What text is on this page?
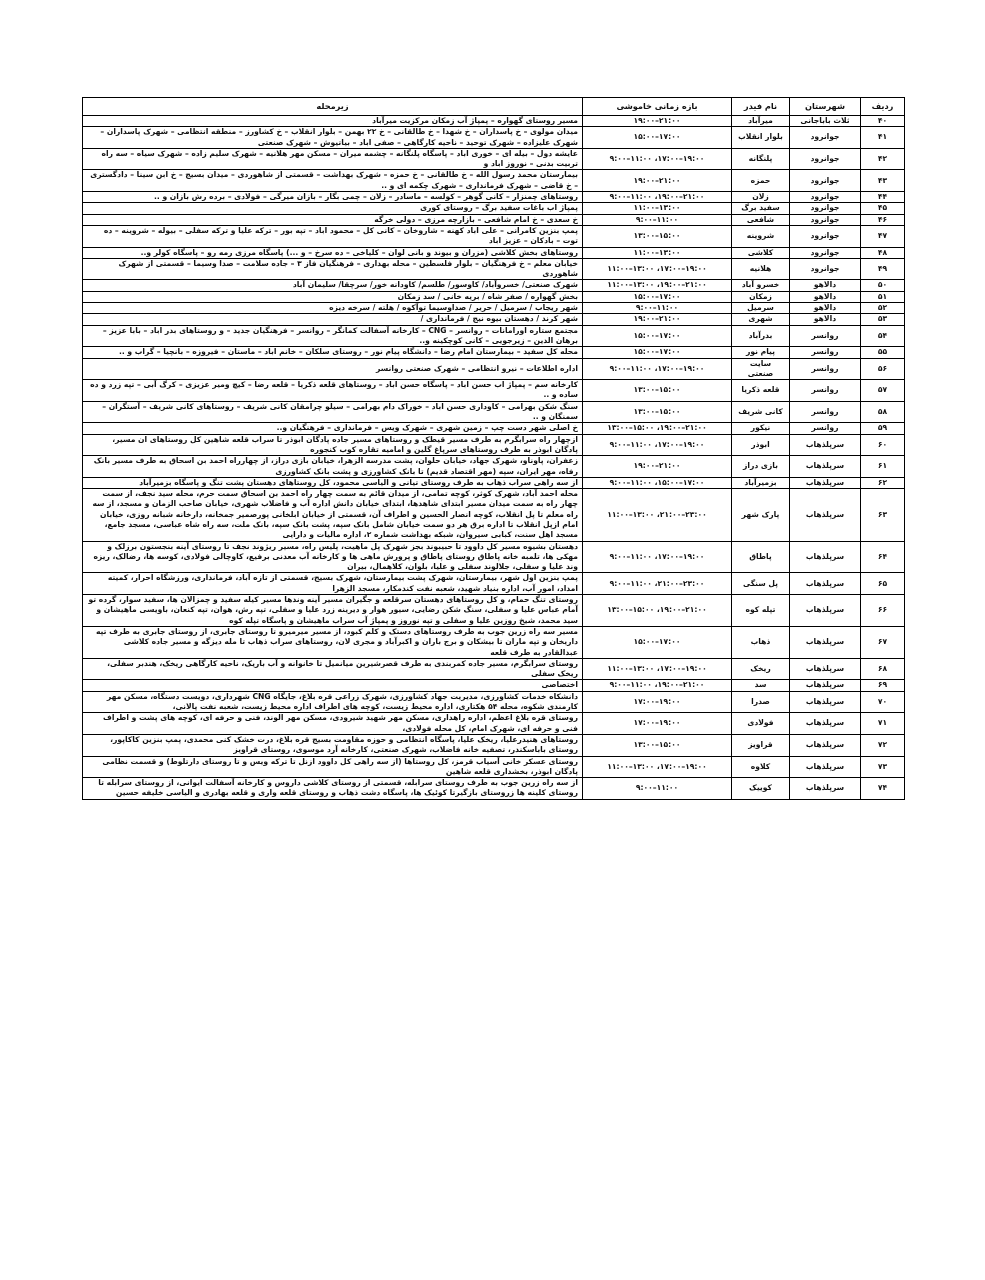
ردیف	شهرستان	نام فیدر	بازه زمانی خاموشی	زیرمحله
۴۰	ثلاث باباجانی	میرآباد	۲۱:۰۰–۱۹:۰۰	مسیر روستای گهواره – پمپاژ آب زمکان مرکزیت میرآباد
۴۱	جوانرود	بلوار انقلاب	۱۷:۰۰–۱۵:۰۰	میدان مولوی – خ پاسداران – خ شهدا – خ طالقانی – خ ۲۲ بهمن – بلوار انقلاب – خ کشاورز – منطقه انتظامی – شهرک پاسداران – شهرک علیزاده – شهرک توحید – ناحیه کارگاهی – صفی اباد – بیاتیوش – شهرک صنعتی
۴۲	جوانرود	پلنگانه	۱۹:۰۰–۱۷:۰۰، ۱۱:۰۰–۹:۰۰	عایشه دول – بیله ای – خوری اباد – پاسگاه پلنگانه – چشمه میران – مسکن مهر هلانیه – شهرک سلیم زاده – شهرک سیاه – سه راه تربیت بدنی – نوروز اباد و
۴۳	جوانرود	حمزه	۲۱:۰۰–۱۹:۰۰	بیمارستان محمد رسول الله – خ طالقانی – خ حمزه – شهرک بهداشت – قسمتی از شاهوردی – میدان بسیج – خ ابن سینا – دادگستری – خ قاضی – شهرک فرمانداری – شهرک چکمه ای و ..
۴۴	جوانرود	زلان	۲۱:۰۰–۱۹:۰۰، ۱۱:۰۰–۹:۰۰	روستاهای چمنزار – کانی گوهر – کولسه – ماسادر – زلان – چمی بگار – بازان میرگی – فولادی – برده رش بازان و ..
۴۵	جوانرود	سفید برگ	۱۳:۰۰–۱۱:۰۰	پمپاژ اب باغات سفید برگ – روستای کوری
۴۶	جوانرود	شافعی	۱۱:۰۰–۹:۰۰	خ سعدی – خ امام شافعی – بازارچه مرزی – دولی خرگه
۴۷	جوانرود	شروینه	۱۵:۰۰–۱۳:۰۰	پمپ بنزین کامرانی – علی اباد کهنه – شاروخان – کانی کل – محمود اباد – تپه بور – ترکه علیا و ترکه سفلی – بیوله – شروینه – ده توت – بادکان – عزیز اباد
۴۸	جوانرود	کلاشی	۱۳:۰۰–۱۱:۰۰	روستاهای بخش کلاشی (مزران و بیوند و بانی لوان – کلیاخی – ده سرخ – و ...) پاسگاه مرزی رمه رو – پاسگاه کولر و..
۴۹	جوانرود	هلانیه	۱۹:۰۰–۱۷:۰۰، ۱۳:۰۰–۱۱:۰۰	خیابان معلم – خ فرهنگیان – بلوار فلسطین – محله بهداری – فرهنگیان فاز ۳ – جاده سلامت – صدا وسیما – قسمتی از شهرک شاهوردی
۵۰	دالاهو	خسرو آباد	۲۱:۰۰–۱۹:۰۰، ۱۳:۰۰–۱۱:۰۰	شهرک صنعتی/ خسروآباد/ کاوسور/ طلسم/ کاودانه خور/ سرچقا/ سلیمان آباد
۵۱	دالاهو	زمکان	۱۷:۰۰–۱۵:۰۰	بخش گهواره / صفر شاه / بریه خانی / سد زمکان
۵۲	دالاهو	سرمیل	۱۱:۰۰–۹:۰۰	شهر ریجاب / سرمیل / حریر / صداوسیما توآکوه / هلته / سرخه دیزه
۵۳	دالاهو	شهری	۲۱:۰۰–۱۹:۰۰	شهر کرند / دهستان بیوه نیج / فرمانداری /
۵۴	روانسر	بدرآباد	۱۷:۰۰–۱۵:۰۰	مجتمع ستاره اورامانات – روانسر – CNG – کارخانه آسفالت کمانگر – روانسر – فرهنگیان جدید – و روستاهای بدر اباد – بابا عزیز – برهان الدین – زیرجویی – کانی کوچکینه و..
۵۵	روانسر	پیام نور	۱۷:۰۰–۱۵:۰۰	محله کل سفید – بیمارستان امام رضا – دانشگاه پیام نور – روستای سلکان – خانم اباد – ماستان – فیروزه – بانچیا – گراب و ..
۵۶	روانسر	سایت صنعتی	۱۹:۰۰–۱۷:۰۰، ۱۱:۰۰–۹:۰۰	اداره اطلاعات – نیرو انتظامی – شهرک صنعتی روانسر
۵۷	روانسر	قلعه ذکریا	۱۵:۰۰–۱۳:۰۰	کارخانه سم – پمپاژ اب حسن اباد – پاسگاه حسن اباد – روستاهای قلعه ذکریا – قلعه رضا – کیچ ومیر عزیزی – کرگ آبی – تپه زرد و ده ساده و ..
۵۸	روانسر	کانی شریف	۱۵:۰۰–۱۳:۰۰	سنگ شکن بهرامی – کاوداری حسن اباد – خوراک دام بهرامی – سیلو چرامقان کانی شریف – روستاهای کانی شریف – آستگران – سمنگان و ..
۵۹	روانسر	نیکور	۲۱:۰۰–۱۹:۰۰، ۱۵:۰۰–۱۳:۰۰	خ اصلی شهر دست چپ – زمین شهری – شهرک ویس – فرمانداری – فرهنگیان و..
۶۰	سرپلذهاب	ابوذر	۱۹:۰۰–۱۷:۰۰، ۱۱:۰۰–۹:۰۰	ازچهار راه سرابگرم به طرف مسیر قیطک و روستاهای مسیر جاده پادگان ابوذر تا سراب قلعه شاهین کل روستاهای ان مسیر، پادگان ابوذر به طرف روستاهای سرپاغ گلین و امامیه تقاره کوب کنجوره
۶۱	سرپلذهاب	بازی دراز	۲۱:۰۰–۱۹:۰۰	زعفران، پاوناو، شهرک جهاد، خیابان حلوان، پشت مدرسه الزهرا، خیابان بازی دراز، از چهارراه احمد بن اسحاق به طرف مسیر بانک رفاه، مهر ایران، سپه (مهر اقتصاد قدیم) تا بانک کشاورزی و پشت بانک کشاورزی
۶۲	سرپلذهاب	بزمیرآباد	۱۷:۰۰–۱۵:۰۰، ۱۱:۰۰–۹:۰۰	از سه راهی سراب ذهاب به طرف روستای تیانی و الیاسی محمود، کل روستاهای دهستان پشت تنگ و پاسگاه بزمیرآباد
۶۳	سرپلذهاب	پارک شهر	۲۳:۰۰–۲۱:۰۰، ۱۳:۰۰–۱۱:۰۰	محله احمد آباد، شهرک کوثر، کوچه تمامی، از میدان قائم به سمت چهار راه احمد بن اسحاق سمت حرم، محله سید نجف، از سمت چهار راه به سمت میدان مسیر ابتدای شاهدها، ابتدای خیابان دانش اداره آب و فاضلاب شهری، خیابان صاحب الزمان و مسجد، از سه راه معلم تا پل انقلاب، کوچه انصار الحسین و اطراف آن، قسمتی از خیابان ابلخانی پورصمیر جمخانه، دارخانه شبانه روزی، خیابان امام ازپل انقلاب تا اداره برق هر دو سمت خیابان شامل بانک سپه، پشت بانک سپه، بانک ملت، سه راه شاه عباسی، مسجد جامع، مسجد اهل سنت، کبابی سیروان، شبکه بهداشت شماره ۲، اداره مالیات و دارایی
۶۴	سرپلذهاب	پاطاق	۱۹:۰۰–۱۷:۰۰، ۱۱:۰۰–۹:۰۰	دهستان بشیوه مسیر کل داوود تا حبیبوند بجز شهرک پل ماهیت، پلیس راه، مسیر ریژوند نجف تا روستای آینه بنجستون برزلک و مهکی ها، تلمبه خانه پاطاق روستای پاطاق و پرورش ماهی ها و کارخانه آب معدنی برفیع، کاوچالی فولادی، کوسه ها، رضالک، ریزه وند علیا و سفلی، جلالوند سفلی و علیا، بلوان، کلاهمال، بیران
۶۵	سرپلذهاب	پل سنگی	۲۳:۰۰–۲۱:۰۰، ۱۱:۰۰–۹:۰۰	پمپ بنزین اول شهر، بیمارستان، شهرک پشت بیمارستان، شهرک بسیج، قسمتی از تازه آباد، فرمانداری، ورزشگاه احرار، کمیته امداد، امور آب، اداره بنیاد شهید، شعبه نفت کندمکار، مسجد الزهرا
۶۶	سرپلذهاب	تپله کوه	۲۱:۰۰–۱۹:۰۰، ۱۵:۰۰–۱۳:۰۰	روستای تنگ حمام، و کل روستاهای دهستان سرقلعه و جگیران مسیر آینه وندها مسیر کیله سفید و چمزالان ها، سفید سوار، گرده تو آمام عباس علیا و سفلی، سنگ شکن رضایی، سیور هوار و دیرینه زرد علیا و سفلی، تپه رش، هوان، تپه کنعان، باویسی ماهیشان و سید محمد، شیخ روزین علیا و سفلی و تپه نوروز و پمپاژ آب سراب ماهیشان و پاسگاه تپله کوه
۶۷	سرپلذهاب	ذهاب	۱۷:۰۰–۱۵:۰۰	مسیر سه راه زرین جوب به طرف روستاهای دستک و کلم کبود، از مسیر میرمیرو تا روستای جابری، از روستای جابری به طرف تپه داریخان و تپه ماران تا بیشکان و برج باران و اکبرآباد و مجری لان، روستاهای سراب ذهاب تا مله دیزگه و مسیر جاده کلاشی عبدالقادر به طرف قلعه
۶۸	سرپلذهاب	ریخک	۱۹:۰۰–۱۷:۰۰، ۱۳:۰۰–۱۱:۰۰	روستای سرابگرم، مسیر جاده کمربندی به طرف قصرشیرین میانمیل تا خانوانه و آب باریک، ناحیه کارگاهی ریخک، هندبر سفلی، ریخک سفلی
۶۹	سرپلذهاب	سد	۲۱:۰۰–۱۹:۰۰، ۱۱:۰۰–۹:۰۰	اختصاصی
۷۰	سرپلذهاب	صدرا	۱۹:۰۰–۱۷:۰۰	دانشکاه خدمات کشاورزی، مدیریت جهاد کشاورزی، شهرک زراعی قره بلاغ، جایگاه CNG شهرداری، دویست دستگاه، مسکن مهر کارمندی شکوه، محله ۵۴ هکتاری، اداره محیط زیست، کوچه های اطراف اداره محیط زیست، شعبه نفت پالانی،
۷۱	سرپلذهاب	فولادی	۱۹:۰۰–۱۷:۰۰	روستای قره بلاغ اعظم، اداره راهداری، مسکن مهر شهید شیرودی، مسکن مهر الوند، فنی و حرفه ای، کوچه های پشت و اطراف فنی و حرفه ای، شهرک امام، کل محله فولادی،
۷۲	سرپلذهاب	قراویز	۱۵:۰۰–۱۳:۰۰	روستاهای هنیدرعلیا، ریخک علیا، پاسگاه انتظامی و حوزه مقاومت بسیج قره بلاغ، درت خشک کنی محمدی، پمپ بنزین کاکاپور، روستای باباسکندر، تصفیه خانه فاضلاب، شهرک صنعتی، کارخانه آرد موسوی، روستای قراویز
۷۳	سرپلذهاب	کلاوه	۱۹:۰۰–۱۷:۰۰، ۱۳:۰۰–۱۱:۰۰	روستای عسکر خانی آسیاب قرمز، کل روستاها (از سه راهی کل داوود ازنل تا ترکه ویس و تا روستای دارتلوط) و قسمت نظامی پادگان ابوذر، بخشداری قلعه شاهین
۷۴	سرپلذهاب	کوییک	۱۱:۰۰–۹:۰۰	از سه راه زرین جوب به طرف روستای سرابله، قسمتی از روستای کلاشی داروس و کارخانه آسفالت ایوانی، از روستای سرابله تا روستای کلینه ها زروستای بازگیرتا کوئیک ها، پاسگاه دشت ذهاب و روستای قلعه واری و قلعه بهادری و الیاسی خلیفه حسین
